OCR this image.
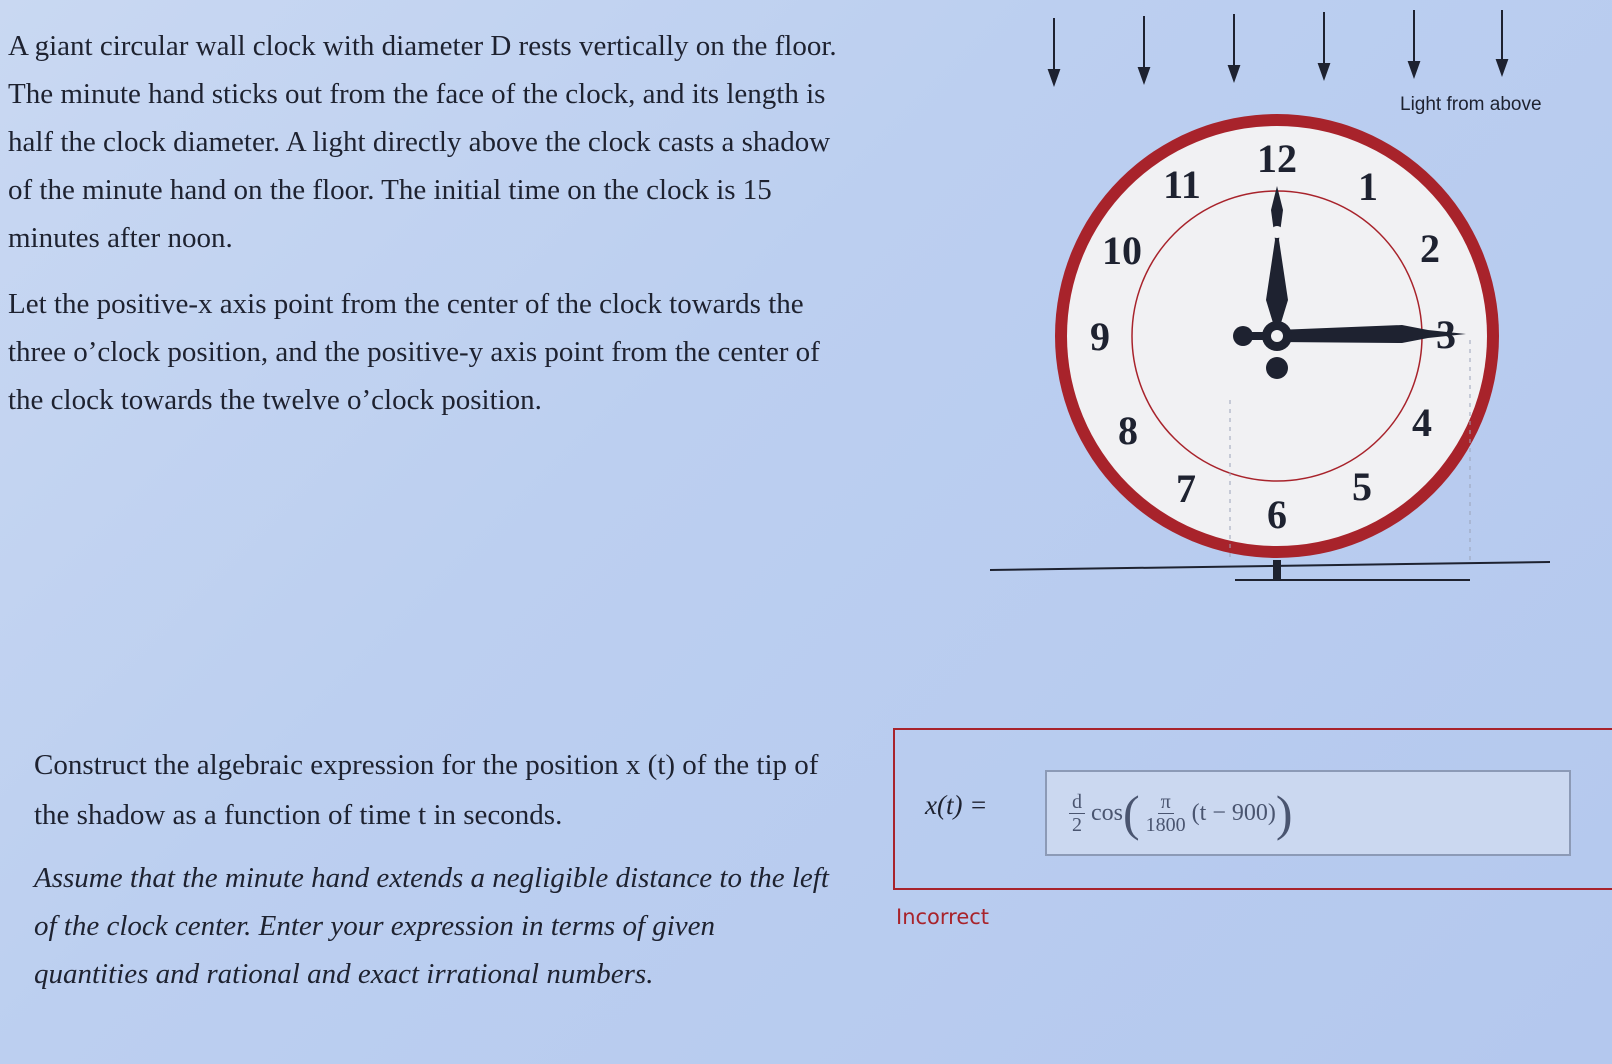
A giant circular wall clock with diameter D rests vertically on the floor. The minute hand sticks out from the face of the clock, and its length is half the clock diameter. A light directly above the clock casts a shadow of the minute hand on the floor. The initial time on the clock is 15 minutes after noon.

Let the positive-x axis point from the center of the clock towards the three o’clock position, and the positive-y axis point from the center of the clock towards the twelve o’clock position.

Light from above
12
1
2
4
5
6
7
8
9
10
11

Construct the algebraic expression for the position x (t) of the tip of the shadow as a function of time t in seconds.

Assume that the minute hand extends a negligible distance to the left of the clock center. Enter your expression in terms of given quantities and rational and exact irrational numbers.

x(t) =	$\frac{d}{2}$ cos ( $\frac{\pi}{1800} (t - 900)$ )
Incorrect
